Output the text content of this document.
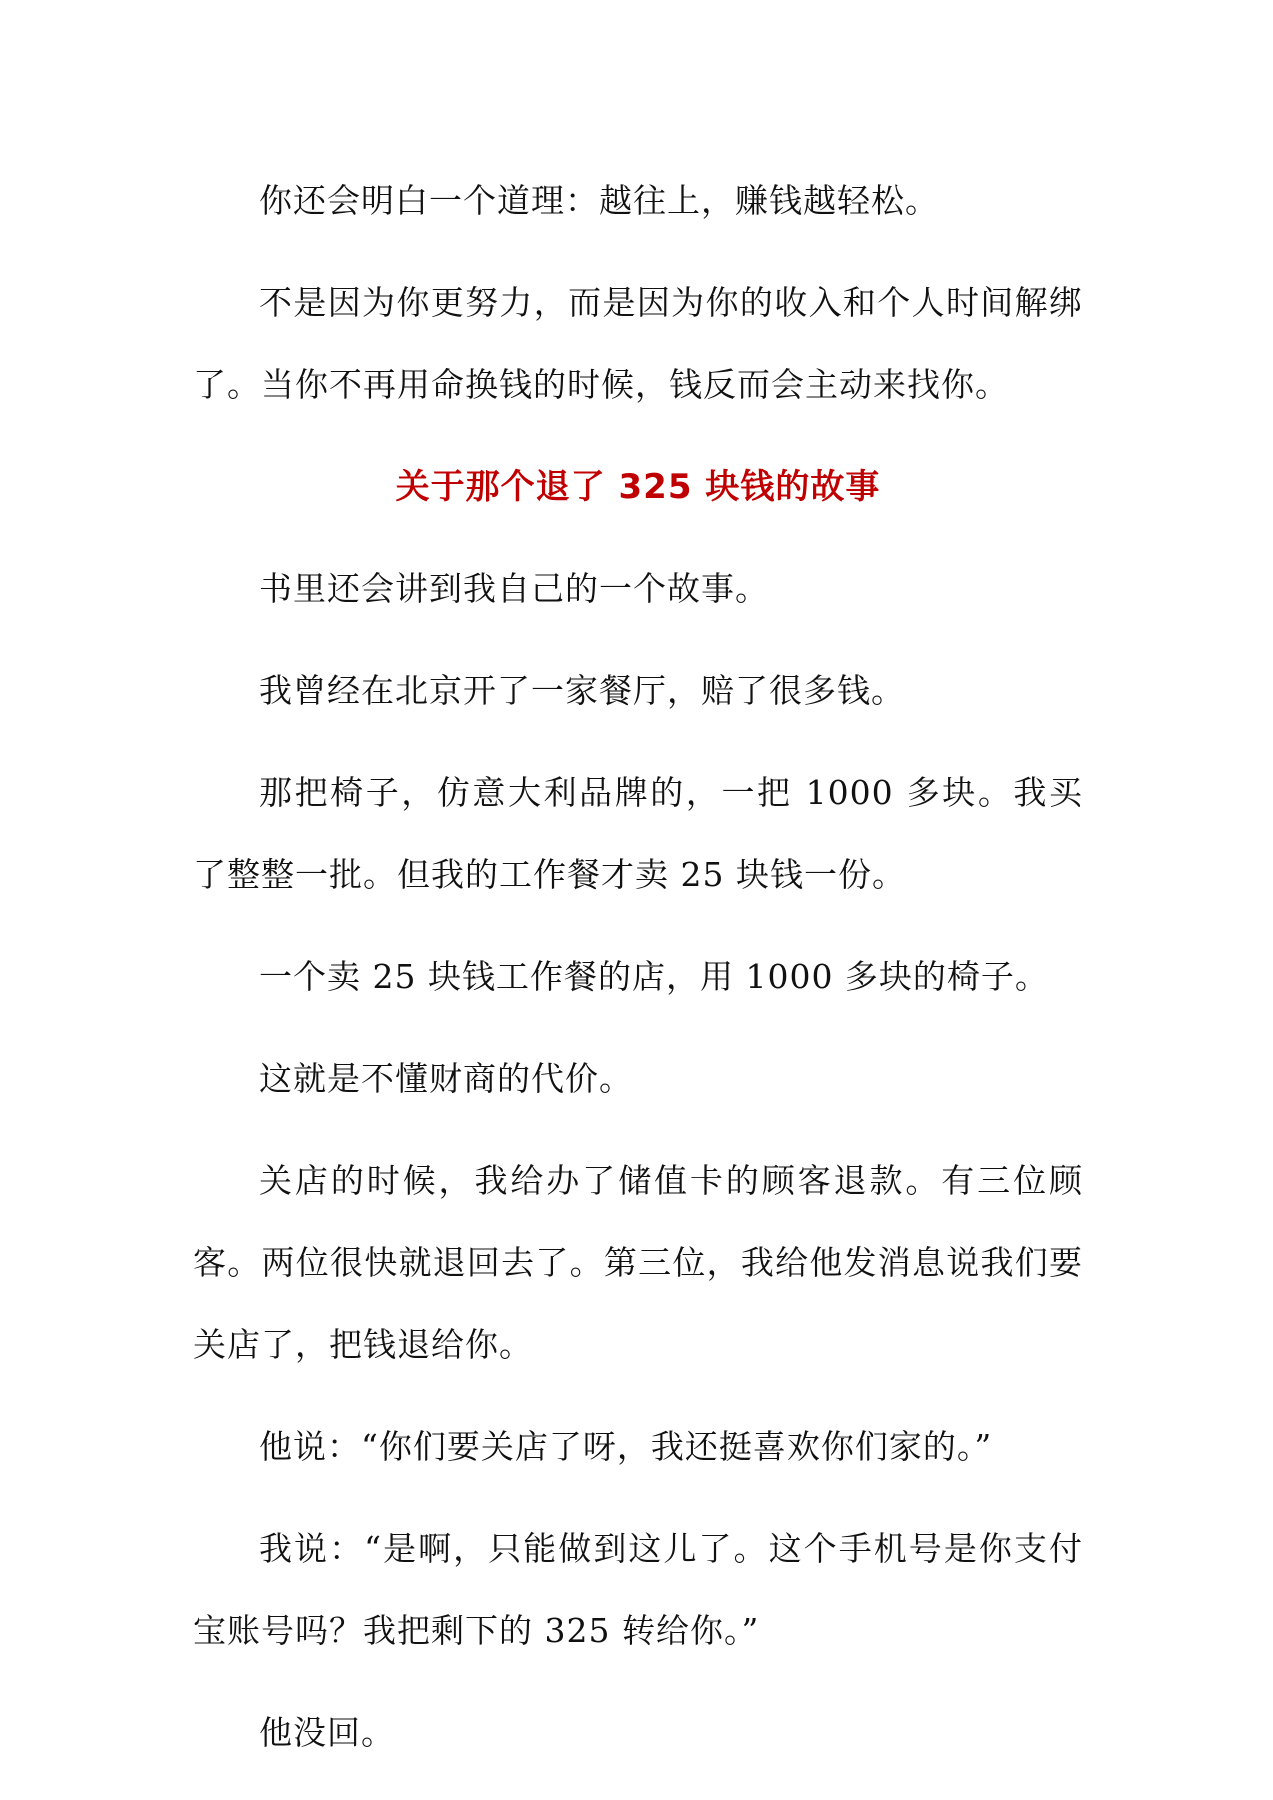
你还会明白一个道理：越往上，赚钱越轻松。

不是因为你更努力，而是因为你的收入和个人时间解绑了。当你不再用命换钱的时候，钱反而会主动来找你。

关于那个退了 325 块钱的故事

书里还会讲到我自己的一个故事。

我曾经在北京开了一家餐厅，赔了很多钱。

那把椅子，仿意大利品牌的，一把 1000 多块。我买了整整一批。但我的工作餐才卖 25 块钱一份。

一个卖 25 块钱工作餐的店，用 1000 多块的椅子。

这就是不懂财商的代价。

关店的时候，我给办了储值卡的顾客退款。有三位顾客。两位很快就退回去了。第三位，我给他发消息说我们要关店了，把钱退给你。

他说：“你们要关店了呀，我还挺喜欢你们家的。”

我说：“是啊，只能做到这儿了。这个手机号是你支付宝账号吗？我把剩下的 325 转给你。”

他没回。
